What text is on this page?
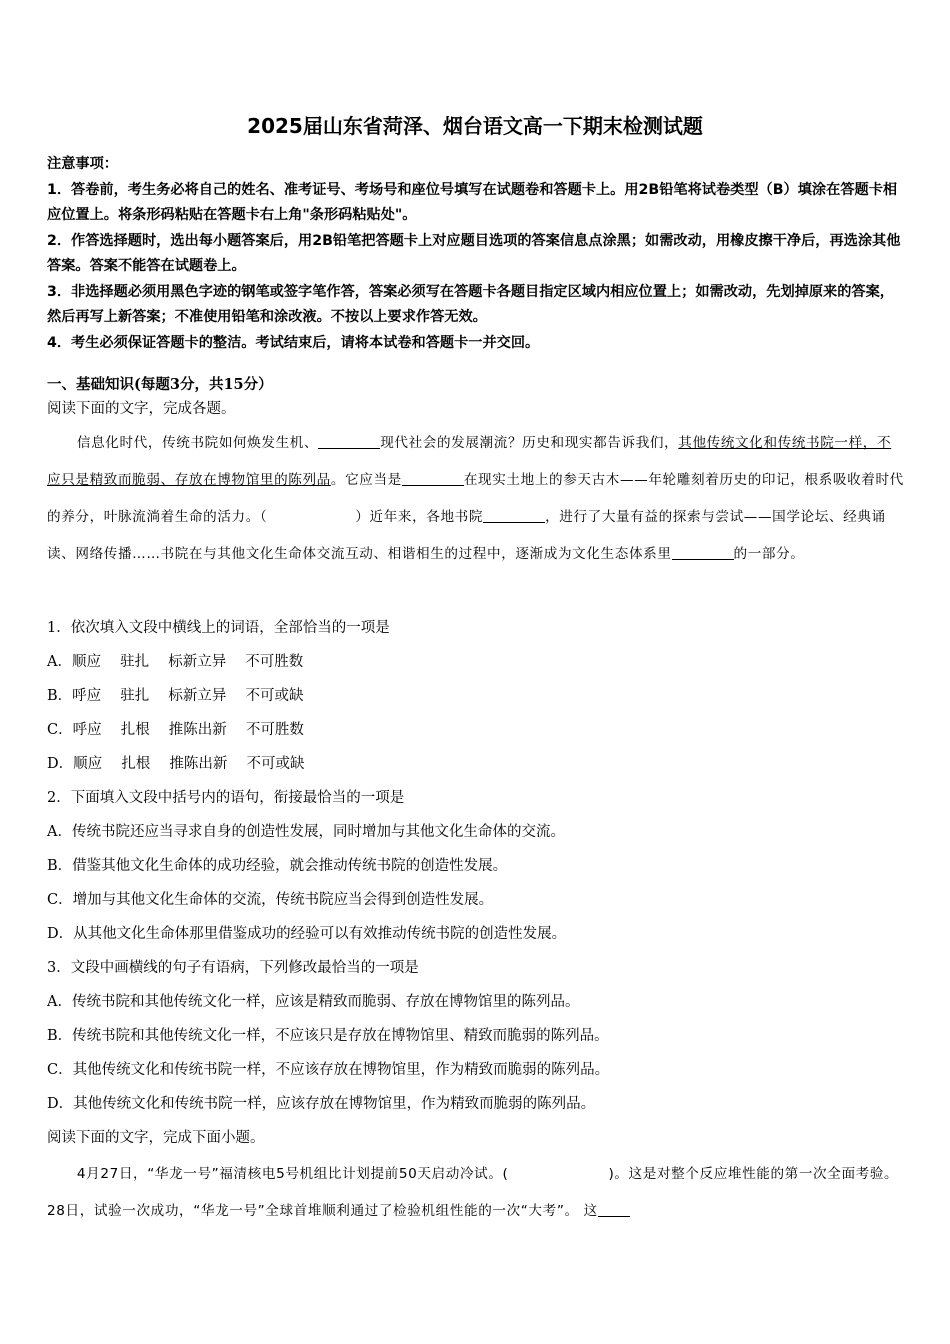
2025届山东省菏泽、烟台语文高一下期末检测试题

注意事项：

1．答卷前，考生务必将自己的姓名、准考证号、考场号和座位号填写在试题卷和答题卡上。用2B铅笔将试卷类型（B）填涂在答题卡相应位置上。将条形码粘贴在答题卡右上角"条形码粘贴处"。

2．作答选择题时，选出每小题答案后，用2B铅笔把答题卡上对应题目选项的答案信息点涂黑；如需改动，用橡皮擦干净后，再选涂其他答案。答案不能答在试题卷上。

3．非选择题必须用黑色字迹的钢笔或签字笔作答，答案必须写在答题卡各题目指定区域内相应位置上；如需改动，先划掉原来的答案，然后再写上新答案；不准使用铅笔和涂改液。不按以上要求作答无效。

4．考生必须保证答题卡的整洁。考试结束后，请将本试卷和答题卡一并交回。

一、基础知识(每题3分，共15分）
阅读下面的文字，完成各题。

信息化时代，传统书院如何焕发生机、	现代社会的发展潮流？历史和现实都告诉我们，其他传统文化和传统书院一样，不应只是精致而脆弱、存放在博物馆里的陈列品。它应当是	在现实土地上的参天古木——年轮雕刻着历史的印记，根系吸收着时代的养分，叶脉流淌着生命的活力。（	）近年来，各地书院	，进行了大量有益的探索与尝试——国学论坛、经典诵读、网络传播……书院在与其他文化生命体交流互动、相谐相生的过程中，逐渐成为文化生态体系里	的一部分。

1．依次填入文段中横线上的词语，全部恰当的一项是
A．顺应　 驻扎　 标新立异　 不可胜数
B．呼应　 驻扎　 标新立异　 不可或缺
C．呼应　 扎根　 推陈出新　 不可胜数
D．顺应　 扎根　 推陈出新　 不可或缺
2．下面填入文段中括号内的语句，衔接最恰当的一项是
A．传统书院还应当寻求自身的创造性发展，同时增加与其他文化生命体的交流。
B．借鉴其他文化生命体的成功经验，就会推动传统书院的创造性发展。
C．增加与其他文化生命体的交流，传统书院应当会得到创造性发展。
D．从其他文化生命体那里借鉴成功的经验可以有效推动传统书院的创造性发展。
3．文段中画横线的句子有语病，下列修改最恰当的一项是
A．传统书院和其他传统文化一样，应该是精致而脆弱、存放在博物馆里的陈列品。
B．传统书院和其他传统文化一样，不应该只是存放在博物馆里、精致而脆弱的陈列品。
C．其他传统文化和传统书院一样，不应该存放在博物馆里，作为精致而脆弱的陈列品。
D．其他传统文化和传统书院一样，应该存放在博物馆里，作为精致而脆弱的陈列品。
阅读下面的文字，完成下面小题。

4月27日，“华龙一号”福清核电5号机组比计划提前50天启动冷试。(	)。这是对整个反应堆性能的第一次全面考验。28日，试验一次成功，“华龙一号”全球首堆顺利通过了检验机组性能的一次“大考”。 这
